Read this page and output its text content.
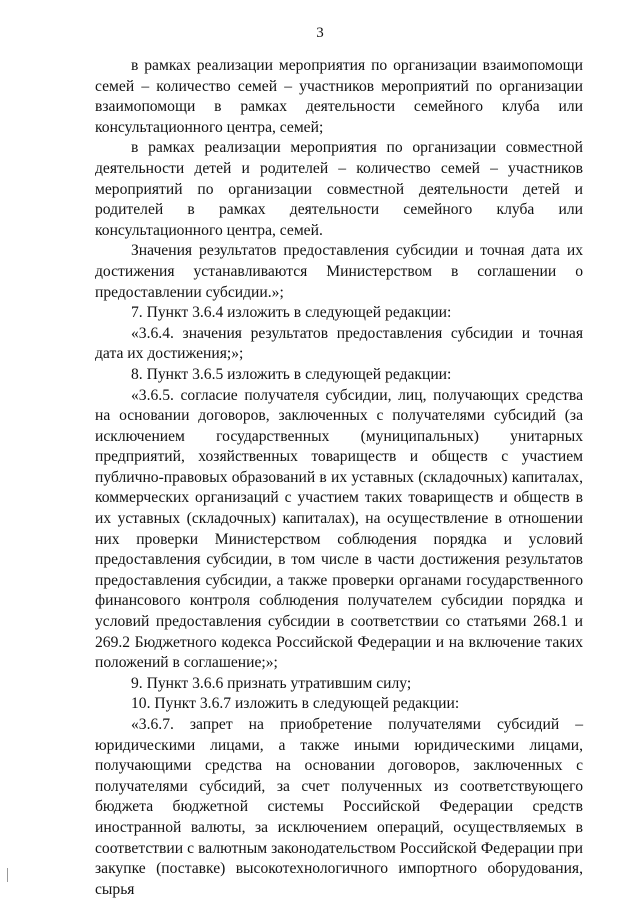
3

в рамках реализации мероприятия по организации взаимопомощи семей – количество семей – участников мероприятий по организации взаимопомощи в рамках деятельности семейного клуба или консультационного центра, семей;

в рамках реализации мероприятия по организации совместной деятельности детей и родителей – количество семей – участников мероприятий по организации совместной деятельности детей и родителей в рамках деятельности семейного клуба или консультационного центра, семей.

Значения результатов предоставления субсидии и точная дата их достижения устанавливаются Министерством в соглашении о предоставлении субсидии.»;

7. Пункт 3.6.4 изложить в следующей редакции:

«3.6.4. значения результатов предоставления субсидии и точная дата их достижения;»;

8. Пункт 3.6.5 изложить в следующей редакции:

«3.6.5. согласие получателя субсидии, лиц, получающих средства на основании договоров, заключенных с получателями субсидий (за исключением государственных (муниципальных) унитарных предприятий, хозяйственных товариществ и обществ с участием публично-правовых образований в их уставных (складочных) капиталах, коммерческих организаций с участием таких товариществ и обществ в их уставных (складочных) капиталах), на осуществление в отношении них проверки Министерством соблюдения порядка и условий предоставления субсидии, в том числе в части достижения результатов предоставления субсидии, а также проверки органами государственного финансового контроля соблюдения получателем субсидии порядка и условий предоставления субсидии в соответствии со статьями 268.1 и 269.2 Бюджетного кодекса Российской Федерации и на включение таких положений в соглашение;»;

9. Пункт 3.6.6 признать утратившим силу;

10. Пункт 3.6.7 изложить в следующей редакции:

«3.6.7. запрет на приобретение получателями субсидий – юридическими лицами, а также иными юридическими лицами, получающими средства на основании договоров, заключенных с получателями субсидий, за счет полученных из соответствующего бюджета бюджетной системы Российской Федерации средств иностранной валюты, за исключением операций, осуществляемых в соответствии с валютным законодательством Российской Федерации при закупке (поставке) высокотехнологичного импортного оборудования, сырья
